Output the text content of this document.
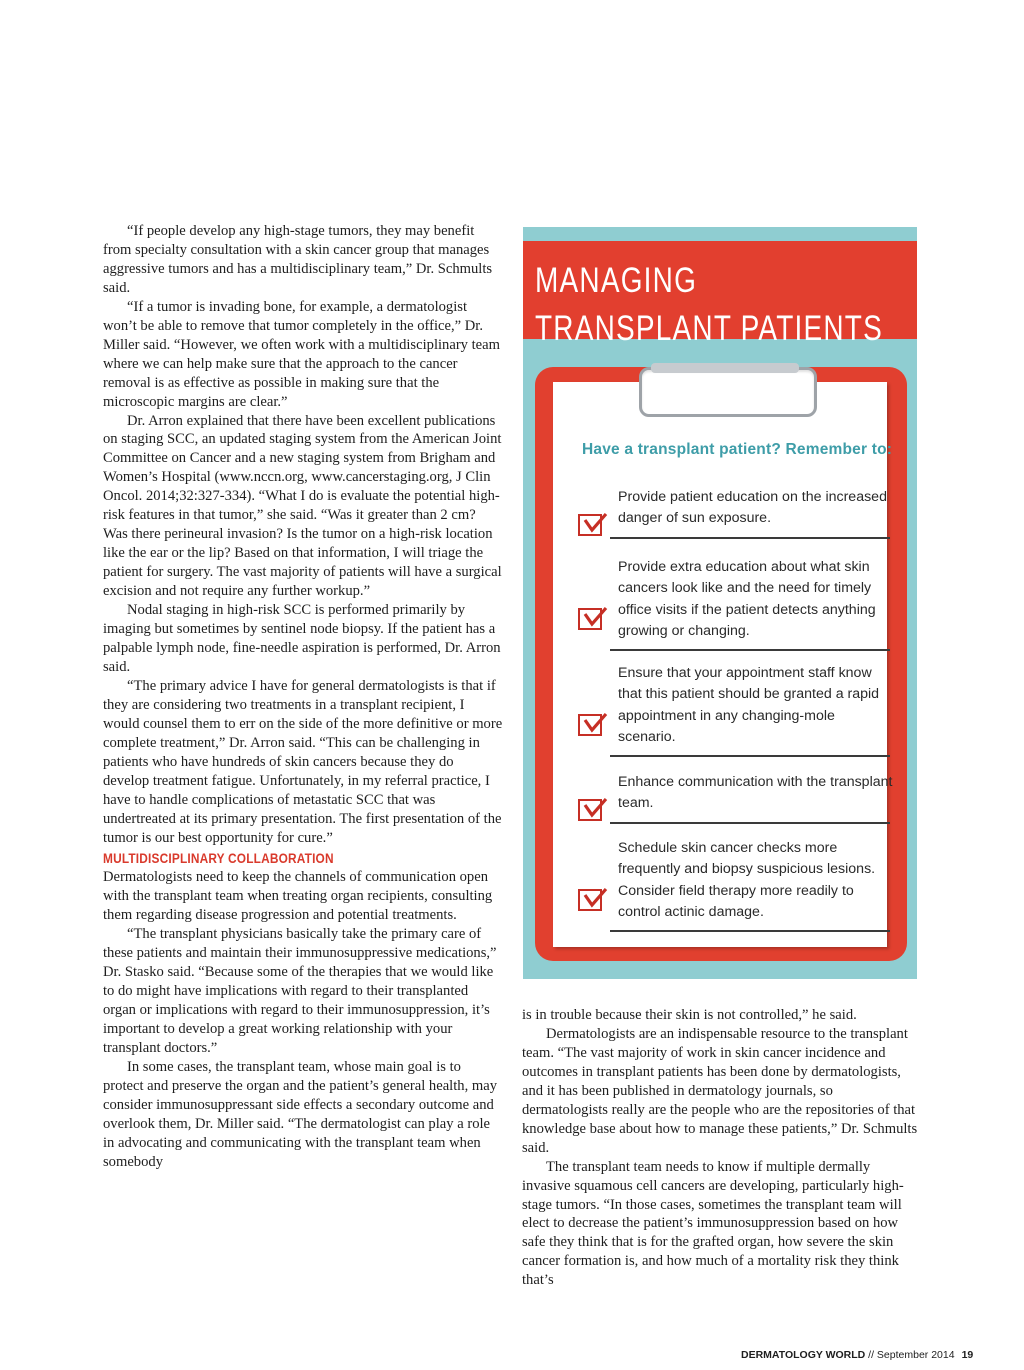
“If people develop any high-stage tumors, they may benefit from specialty consultation with a skin cancer group that manages aggressive tumors and has a multidisciplinary team,” Dr. Schmults said.

“If a tumor is invading bone, for example, a dermatologist won’t be able to remove that tumor completely in the office,” Dr. Miller said. “However, we often work with a multidisciplinary team where we can help make sure that the approach to the cancer removal is as effective as possible in making sure that the microscopic margins are clear.”

Dr. Arron explained that there have been excellent publications on staging SCC, an updated staging system from the American Joint Committee on Cancer and a new staging system from Brigham and Women’s Hospital (www.nccn.org, www.cancerstaging.org, J Clin Oncol. 2014;32:327-334). “What I do is evaluate the potential high-risk features in that tumor,” she said. “Was it greater than 2 cm? Was there perineural invasion? Is the tumor on a high-risk location like the ear or the lip? Based on that information, I will triage the patient for surgery. The vast majority of patients will have a surgical excision and not require any further workup.”

Nodal staging in high-risk SCC is performed primarily by imaging but sometimes by sentinel node biopsy. If the patient has a palpable lymph node, fine-needle aspiration is performed, Dr. Arron said.

“The primary advice I have for general dermatologists is that if they are considering two treatments in a transplant recipient, I would counsel them to err on the side of the more definitive or more complete treatment,” Dr. Arron said. “This can be challenging in patients who have hundreds of skin cancers because they do develop treatment fatigue. Unfortunately, in my referral practice, I have to handle complications of metastatic SCC that was undertreated at its primary presentation. The first presentation of the tumor is our best opportunity for cure.”

MULTIDISCIPLINARY COLLABORATION

Dermatologists need to keep the channels of communication open with the transplant team when treating organ recipients, consulting them regarding disease progression and potential treatments.

“The transplant physicians basically take the primary care of these patients and maintain their immunosuppressive medications,” Dr. Stasko said. “Because some of the therapies that we would like to do might have implications with regard to their transplanted organ or implications with regard to their immunosuppression, it’s important to develop a great working relationship with your transplant doctors.”

In some cases, the transplant team, whose main goal is to protect and preserve the organ and the patient’s general health, may consider immunosuppressant side effects a secondary outcome and overlook them, Dr. Miller said. “The dermatologist can play a role in advocating and communicating with the transplant team when somebody

MANAGING
TRANSPLANT PATIENTS

Have a transplant patient? Remember to:

Provide patient education on the increased danger of sun exposure.

Provide extra education about what skin cancers look like and the need for timely office visits if the patient detects anything growing or changing.

Ensure that your appointment staff know that this patient should be granted a rapid appointment in any changing-mole scenario.

Enhance communication with the transplant team.

Schedule skin cancer checks more frequently and biopsy suspicious lesions. Consider field therapy more readily to control actinic damage.

is in trouble because their skin is not controlled,” he said.

Dermatologists are an indispensable resource to the transplant team. “The vast majority of work in skin cancer incidence and outcomes in transplant patients has been done by dermatologists, and it has been published in dermatology journals, so dermatologists really are the people who are the repositories of that knowledge base about how to manage these patients,” Dr. Schmults said.

The transplant team needs to know if multiple dermally invasive squamous cell cancers are developing, particularly high-stage tumors. “In those cases, sometimes the transplant team will elect to decrease the patient’s immunosuppression based on how safe they think that is for the grafted organ, how severe the skin cancer formation is, and how much of a mortality risk they think that’s

DERMATOLOGY WORLD // September 2014 19
